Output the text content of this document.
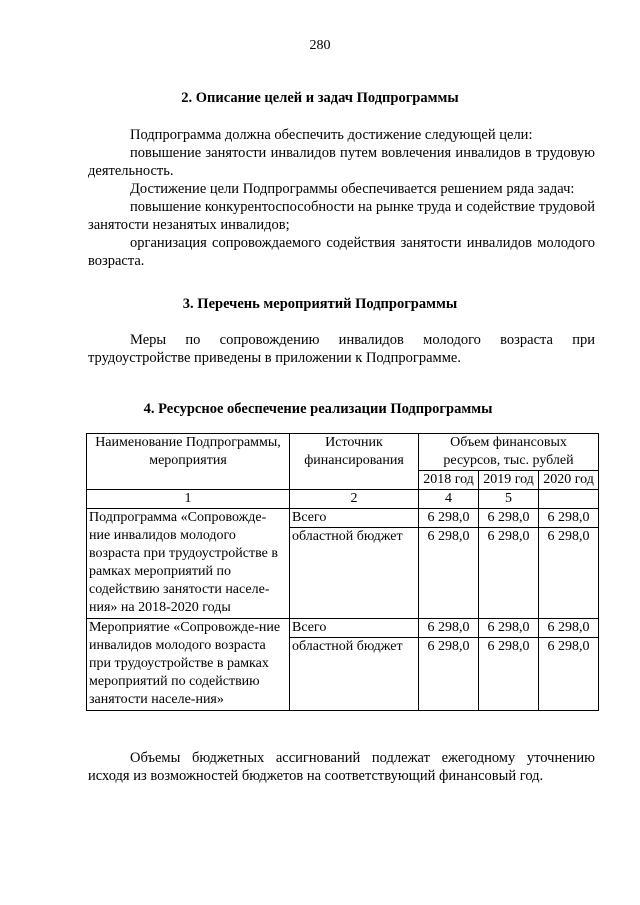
280
2. Описание целей и задач Подпрограммы

Подпрограмма должна обеспечить достижение следующей цели:

повышение занятости инвалидов путем вовлечения инвалидов в трудовую деятельность.

Достижение цели Подпрограммы обеспечивается решением ряда задач:

повышение конкурентоспособности на рынке труда и содействие трудовой занятости незанятых инвалидов;

организация сопровождаемого содействия занятости инвалидов молодого возраста.

3. Перечень мероприятий Подпрограммы

Меры по сопровождению инвалидов молодого возраста при трудоустройстве приведены в приложении к Подпрограмме.

4. Ресурсное обеспечение реализации Подпрограммы
Наименование Подпрограммы, мероприятия	Источник финансирования	Объем финансовых ресурсов, тыс. рублей		
		2018 год	2019 год	2020 год
1	2	4	5	
Подпрограмма «Сопровожде-ние инвалидов молодого возраста при трудоустройстве в рамках мероприятий по содействию занятости населе-ния» на 2018-2020 годы	Всего	6 298,0	6 298,0	6 298,0
	областной бюджет	6 298,0	6 298,0	6 298,0
Мероприятие «Сопровожде-ние инвалидов молодого возраста при трудоустройстве в рамках мероприятий по содействию занятости населе-ния»	Всего	6 298,0	6 298,0	6 298,0
	областной бюджет	6 298,0	6 298,0	6 298,0

Объемы бюджетных ассигнований подлежат ежегодному уточнению исходя из возможностей бюджетов на соответствующий финансовый год.
